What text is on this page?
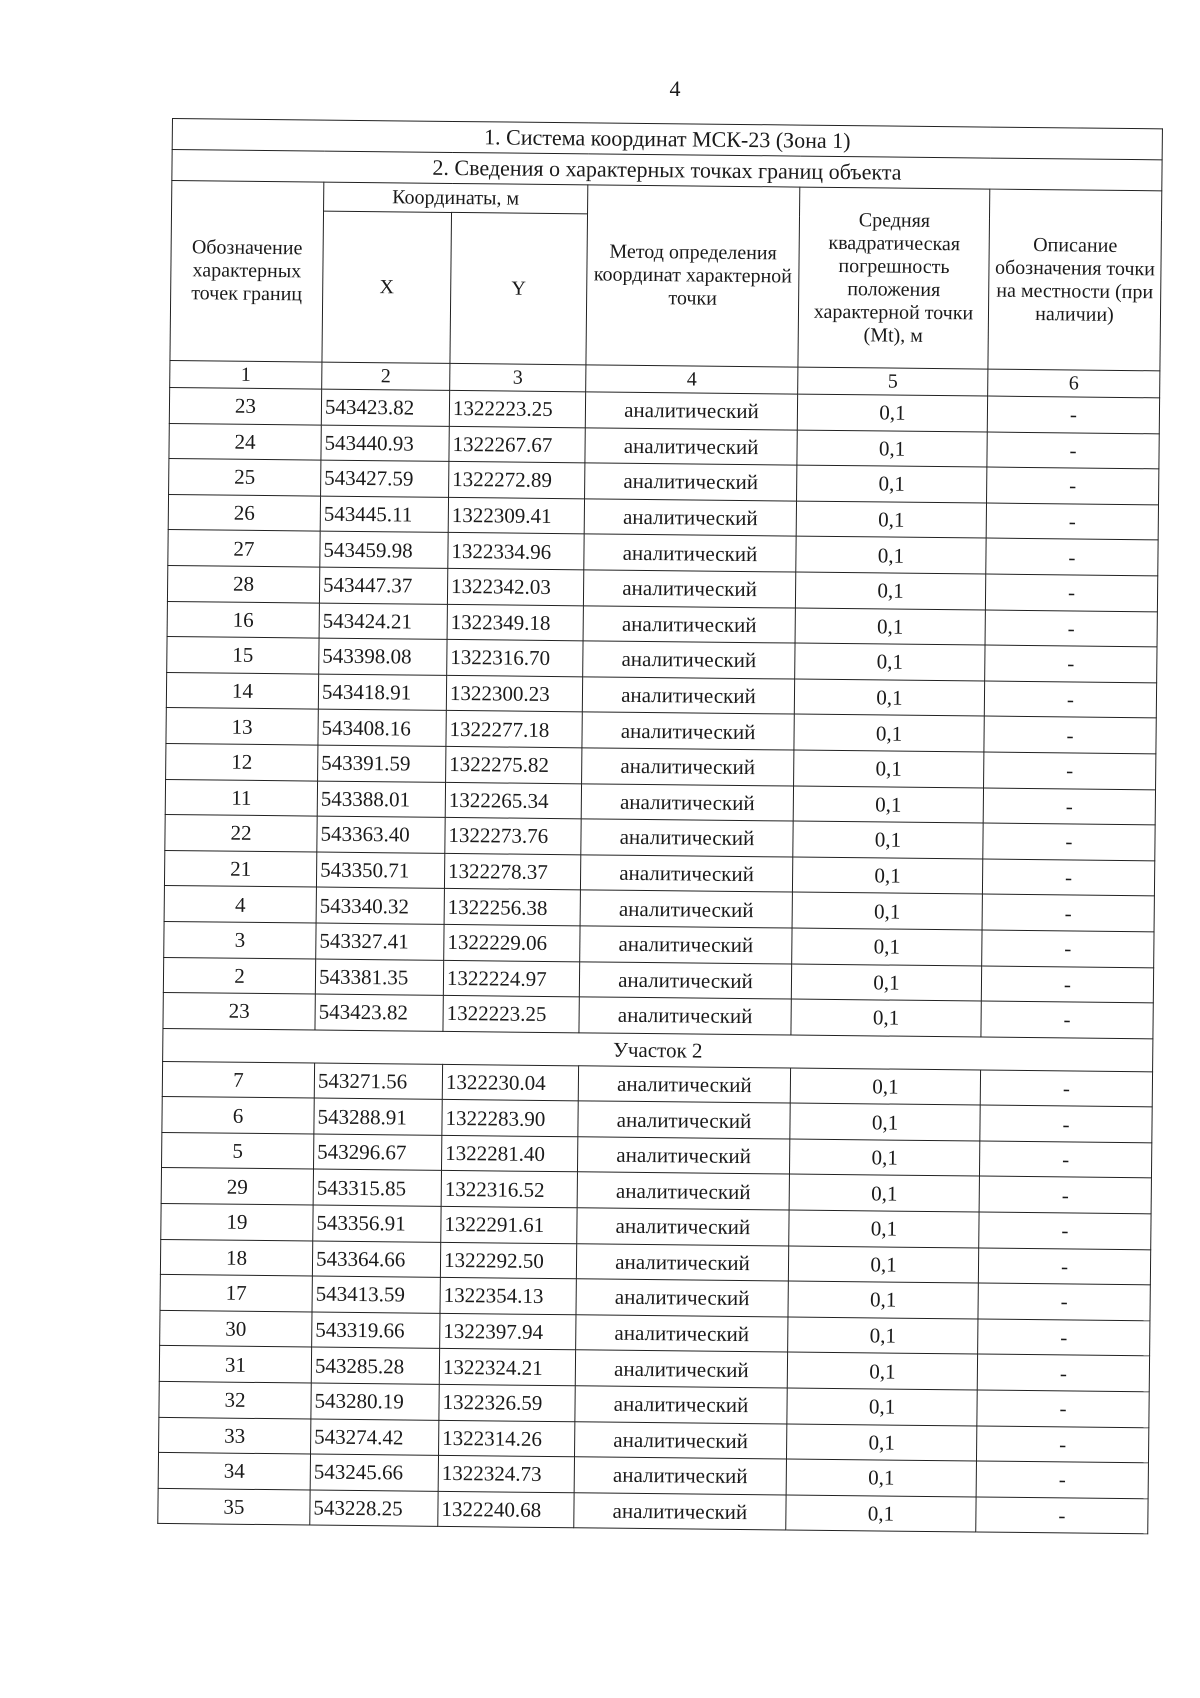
4
1. Система координат МСК-23 (Зона 1)					
2. Сведения о характерных точках границ объекта					
Обозначение характерных точек границ	Координаты, м		Метод определения координат характерной точки	Средняя квадратическая погрешность положения характерной точки (Mt), м	Описание обозначения точки на местности (при наличии)
	X	Y			
1	2	3	4	5	6
23	543423.82	1322223.25	аналитический	0,1	-
24	543440.93	1322267.67	аналитический	0,1	-
25	543427.59	1322272.89	аналитический	0,1	-
26	543445.11	1322309.41	аналитический	0,1	-
27	543459.98	1322334.96	аналитический	0,1	-
28	543447.37	1322342.03	аналитический	0,1	-
16	543424.21	1322349.18	аналитический	0,1	-
15	543398.08	1322316.70	аналитический	0,1	-
14	543418.91	1322300.23	аналитический	0,1	-
13	543408.16	1322277.18	аналитический	0,1	-
12	543391.59	1322275.82	аналитический	0,1	-
11	543388.01	1322265.34	аналитический	0,1	-
22	543363.40	1322273.76	аналитический	0,1	-
21	543350.71	1322278.37	аналитический	0,1	-
4	543340.32	1322256.38	аналитический	0,1	-
3	543327.41	1322229.06	аналитический	0,1	-
2	543381.35	1322224.97	аналитический	0,1	-
23	543423.82	1322223.25	аналитический	0,1	-
Участок 2					
7	543271.56	1322230.04	аналитический	0,1	-
6	543288.91	1322283.90	аналитический	0,1	-
5	543296.67	1322281.40	аналитический	0,1	-
29	543315.85	1322316.52	аналитический	0,1	-
19	543356.91	1322291.61	аналитический	0,1	-
18	543364.66	1322292.50	аналитический	0,1	-
17	543413.59	1322354.13	аналитический	0,1	-
30	543319.66	1322397.94	аналитический	0,1	-
31	543285.28	1322324.21	аналитический	0,1	-
32	543280.19	1322326.59	аналитический	0,1	-
33	543274.42	1322314.26	аналитический	0,1	-
34	543245.66	1322324.73	аналитический	0,1	-
35	543228.25	1322240.68	аналитический	0,1	-
